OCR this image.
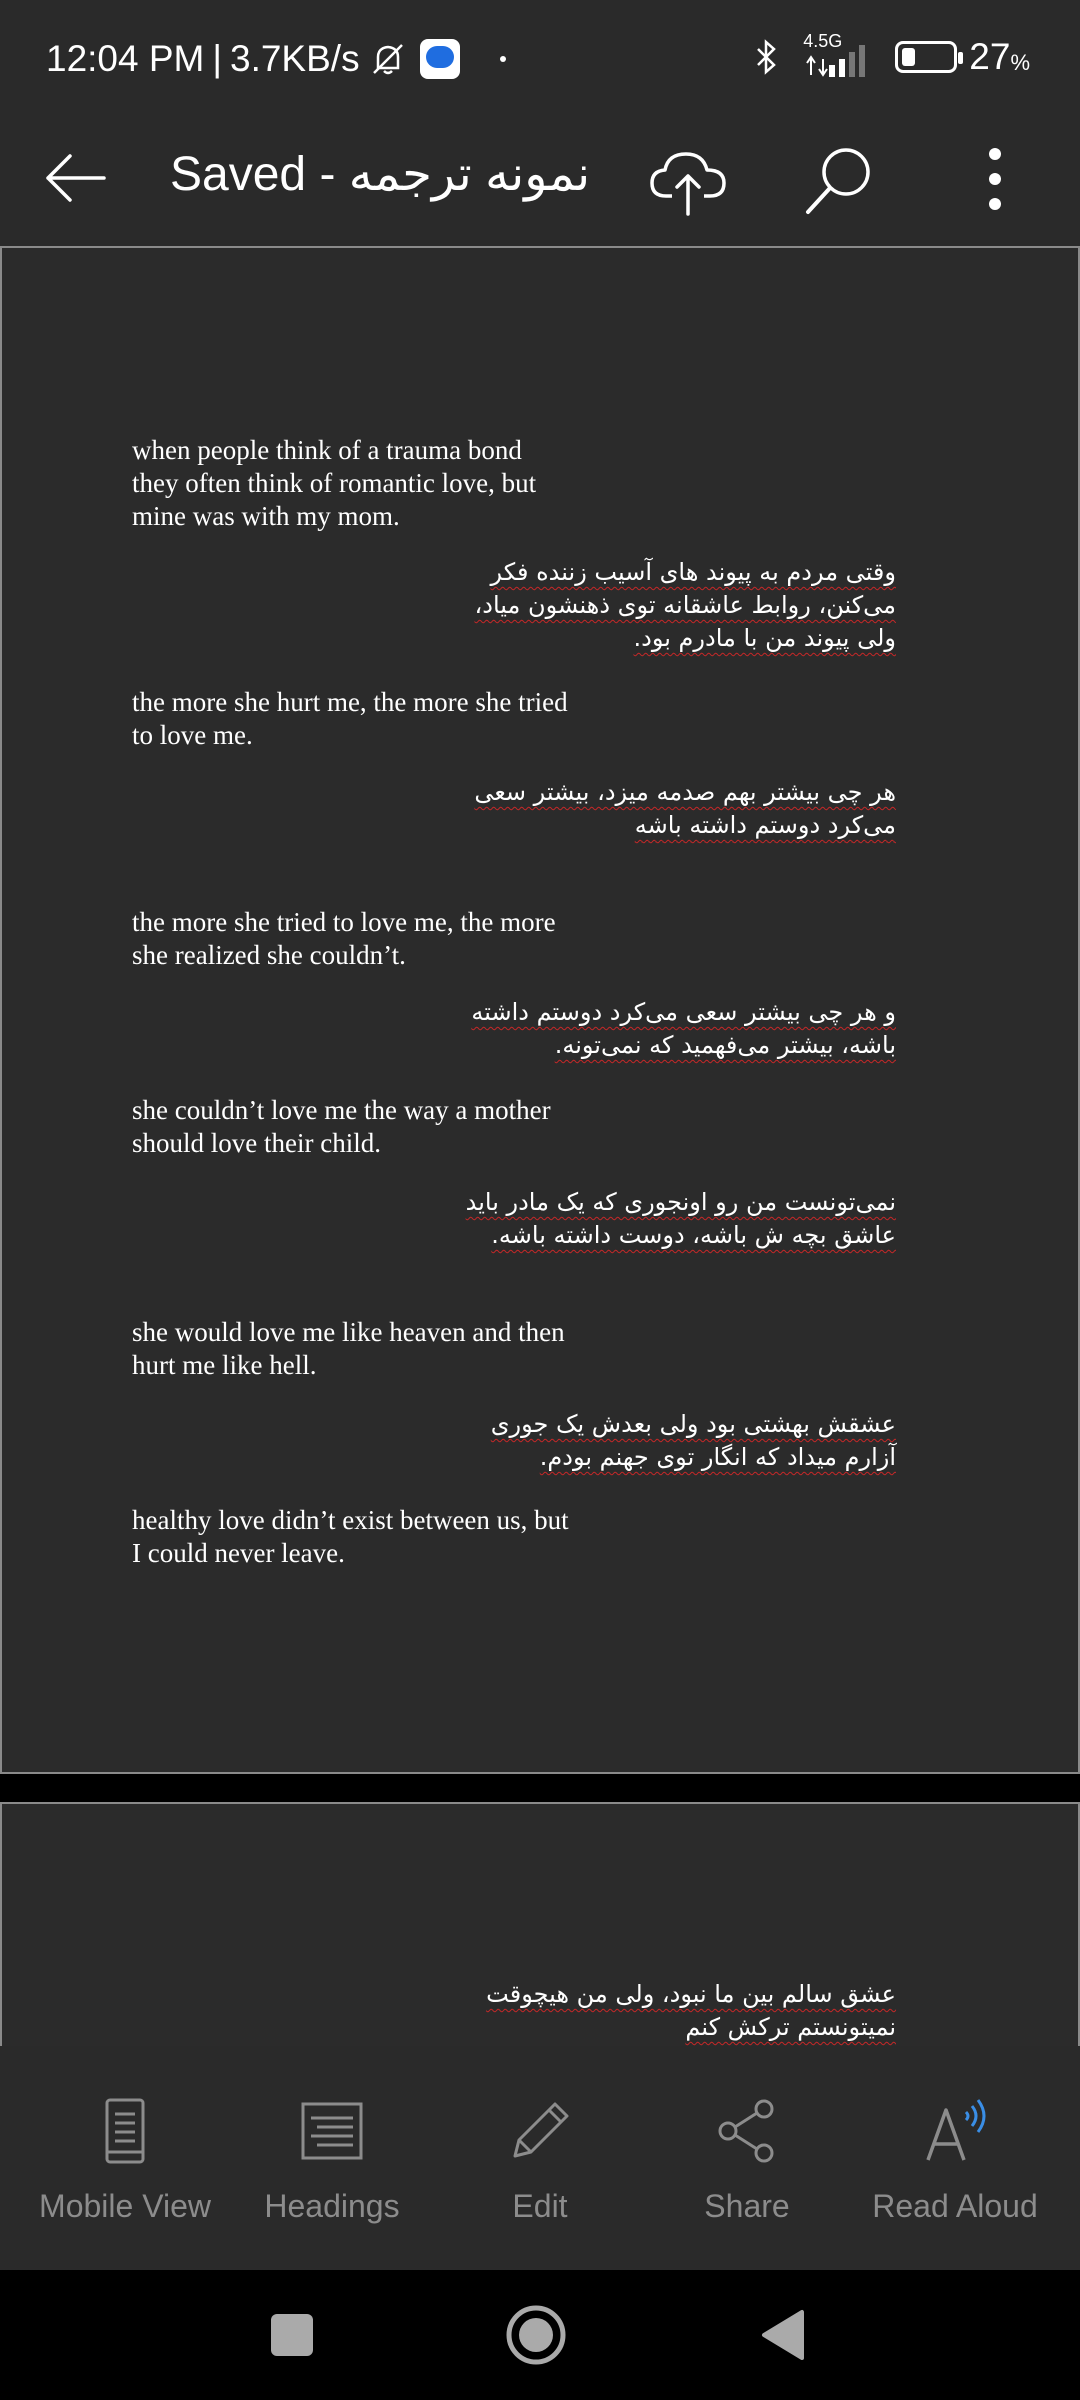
12:04 PM | 3.7KB/s	4.5G	27 %
Saved - نمونه ترجمه
when people think of a trauma bond they often think of romantic love, but mine was with my mom.
وقتی مردم به پیوند های آسیب زننده فکر می‌کنن، روابط عاشقانه توی ذهنشون میاد، ولی پیوند من با مادرم بود.
the more she hurt me, the more she tried to love me.
هر چی بیشتر بهم صدمه میزد، بیشتر سعی می‌کرد دوستم داشته باشه
the more she tried to love me, the more she realized she couldn’t.
و هر چی بیشتر سعی می‌کرد دوستم داشته باشه، بیشتر می‌فهمید که نمی‌تونه.
she couldn’t love me the way a mother should love their child.
نمی‌تونست من رو اونجوری که یک مادر باید عاشق بچه ش باشه، دوست داشته باشه.
she would love me like heaven and then hurt me like hell.
عشقش بهشتی بود ولی بعدش یک جوری آزارم میداد که انگار توی جهنم بودم.
healthy love didn’t exist between us, but I could never leave.
عشق سالم بین ما نبود، ولی من هیچوقت نمیتونستم ترکش کنم
Mobile View	Headings	Edit	Share	Read Aloud
